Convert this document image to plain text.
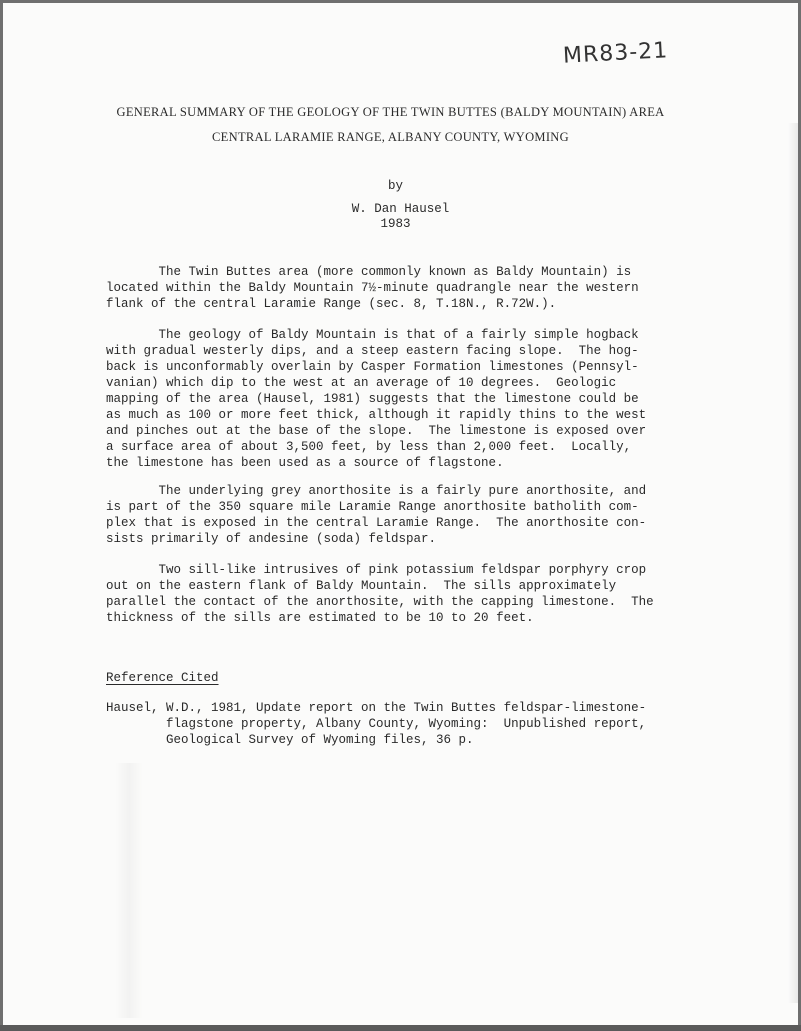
MR83-21
GENERAL SUMMARY OF THE GEOLOGY OF THE TWIN BUTTES (BALDY MOUNTAIN) AREA
CENTRAL LARAMIE RANGE, ALBANY COUNTY, WYOMING
by
W. Dan Hausel
1983
The Twin Buttes area (more commonly known as Baldy Mountain) is
located within the Baldy Mountain 7½-minute quadrangle near the western
flank of the central Laramie Range (sec. 8, T.18N., R.72W.).
The geology of Baldy Mountain is that of a fairly simple hogback
with gradual westerly dips, and a steep eastern facing slope.  The hog-
back is unconformably overlain by Casper Formation limestones (Pennsyl-
vanian) which dip to the west at an average of 10 degrees.  Geologic
mapping of the area (Hausel, 1981) suggests that the limestone could be
as much as 100 or more feet thick, although it rapidly thins to the west
and pinches out at the base of the slope.  The limestone is exposed over
a surface area of about 3,500 feet, by less than 2,000 feet.  Locally,
the limestone has been used as a source of flagstone.
The underlying grey anorthosite is a fairly pure anorthosite, and
is part of the 350 square mile Laramie Range anorthosite batholith com-
plex that is exposed in the central Laramie Range.  The anorthosite con-
sists primarily of andesine (soda) feldspar.
Two sill-like intrusives of pink potassium feldspar porphyry crop
out on the eastern flank of Baldy Mountain.  The sills approximately
parallel the contact of the anorthosite, with the capping limestone.  The
thickness of the sills are estimated to be 10 to 20 feet.
Reference Cited
Hausel, W.D., 1981, Update report on the Twin Buttes feldspar-limestone-
flagstone property, Albany County, Wyoming:  Unpublished report,
Geological Survey of Wyoming files, 36 p.
